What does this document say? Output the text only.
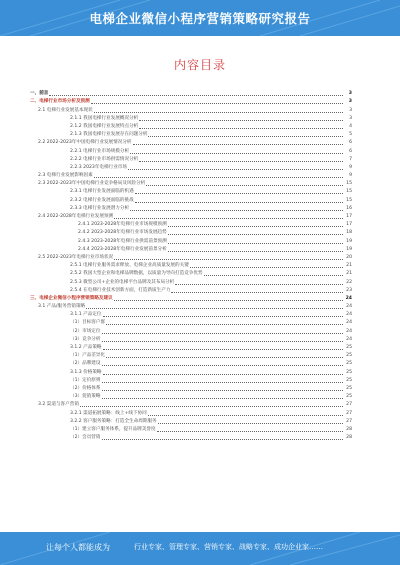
电梯企业微信小程序营销策略研究报告
内容目录
一、前言	3
二、电梯行业市场分析及预测	3
2.1 电梯行业发展基本现状	3
2.1.1 我国电梯行业发展概况分析	3
2.1.2 我国电梯行业发展特点分析	4
2.1.3 我国电梯行业发展存在问题分析	5
2.2 2022-2023年中国电梯行业发展情况分析	6
2.2.1 电梯行业市场规模分析	6
2.2.2 电梯行业市场供需情况分析	7
2.2.3 2023年电梯行业市场	9
2.3 电梯行业发展影响因素	9
2.3 2022-2023年中国电梯行业竞争格局及风险分析	15
2.3.1 电梯行业发展面临的机遇	15
2.3.2 电梯行业发展面临的挑战	15
2.3.3 电梯行业发展潜力分析	16
2.4 2022-2028年电梯行业发展预测	17
2.4.1 2023-2028年电梯行业市场规模预测	17
2.4.2 2023-2028年电梯行业市场发展趋势	18
2.4.3 2023-2028年电梯行业供需前景预测	19
2.4.4 2023-2028年电梯行业发展前景分析	19
2.5 2022-2023年电梯行业市场状况	20
2.5.1 电梯行业服务需求释放、电梯企业高质量发展的关键	21
2.5.2 我国大型企业和电梯品牌数据，以质量为导向打造竞争优势	21
2.5.3 微型公司+企业的电梯平台品牌及其布局分析	22
2.5.4 在电梯行业技术创新方面，打造新质生产力	23
三、电梯企业微信小程序营销策略及建议	24
3.1 产品/服务营销策略	24
3.1.1 产品定位	24
（1）目标客户群	24
（2）市场定位	24
（3）竞争分析	24
3.1.2 产品策略	25
（1）产品差异化	25
（2）品牌建设	25
3.1.3 价格策略	25
（1）定价原则	25
（2）价格体系	25
（3）促销策略	25
3.2 渠道与客户营销	27
3.2.1 渠道拓展策略：线上+线下协同	27
3.2.2 客户服务策略：打造全生命周期服务	27
（1）建立客户服务体系，提升品牌美誉度	28
（2）会员营销	28
让每个人都能成为	行业专家、管理专家、营销专家、战略专家、成功企业家……
